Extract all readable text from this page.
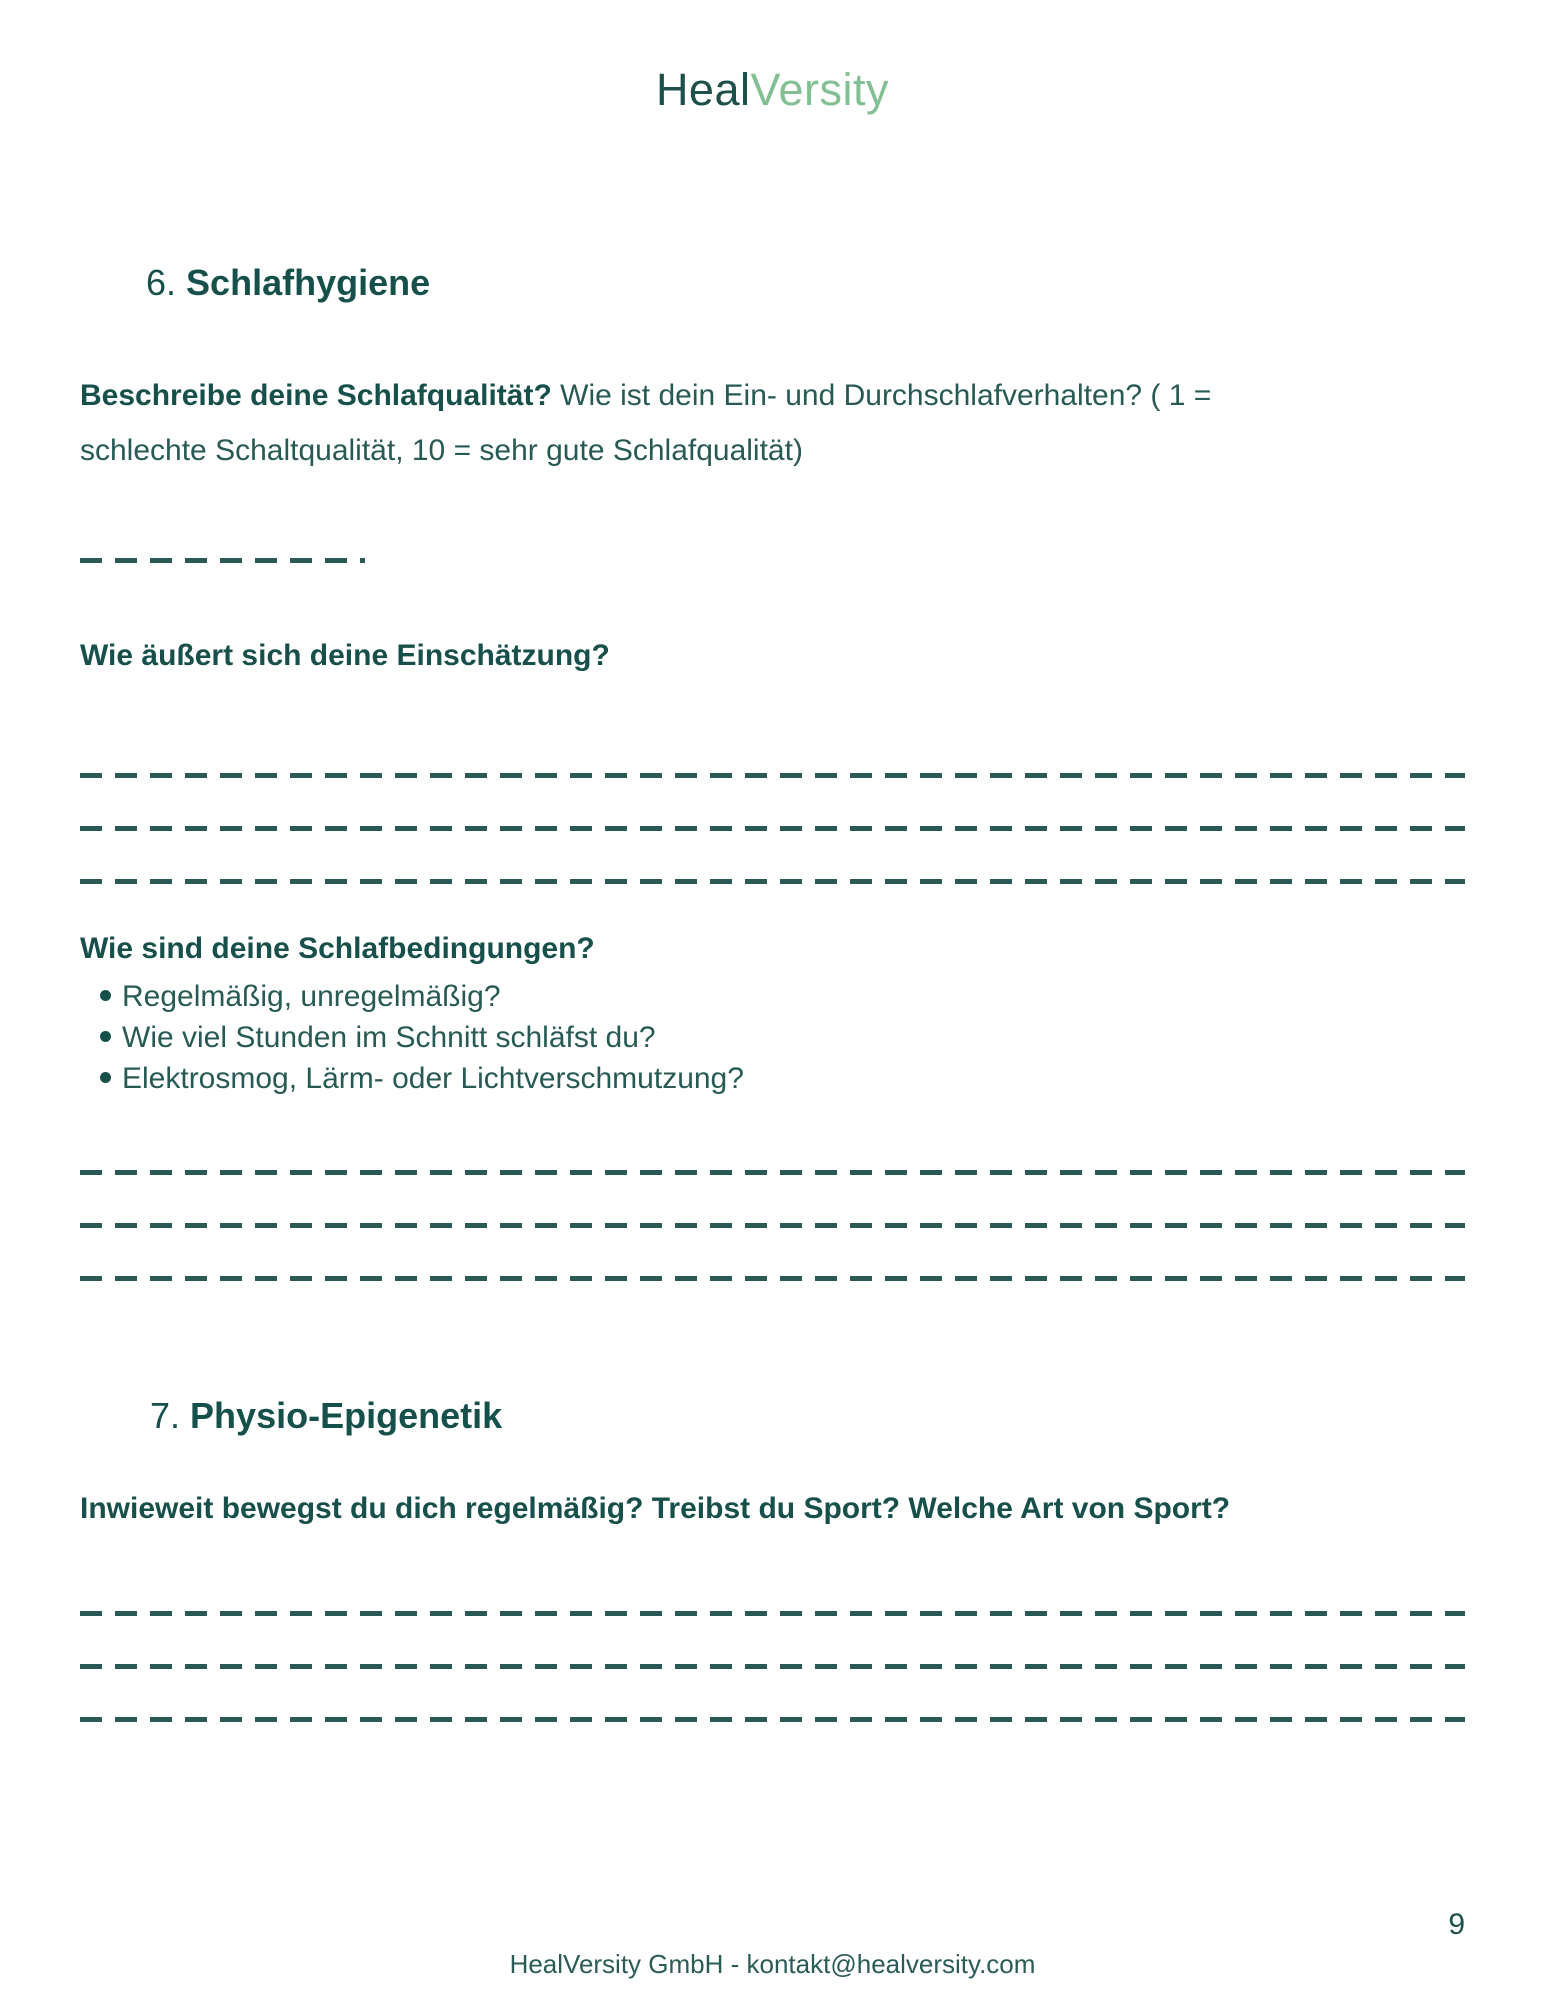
HealVersity
6. Schlafhygiene
Beschreibe deine Schlafqualität? Wie ist dein Ein- und Durchschlafverhalten? ( 1 =
schlechte Schaltqualität, 10 = sehr gute Schlafqualität)
Wie äußert sich deine Einschätzung?
Wie sind deine Schlafbedingungen?
Regelmäßig, unregelmäßig?
Wie viel Stunden im Schnitt schläfst du?
Elektrosmog, Lärm- oder Lichtverschmutzung?
7. Physio-Epigenetik
Inwieweit bewegst du dich regelmäßig? Treibst du Sport? Welche Art von Sport?
9
HealVersity GmbH - kontakt@healversity.com
